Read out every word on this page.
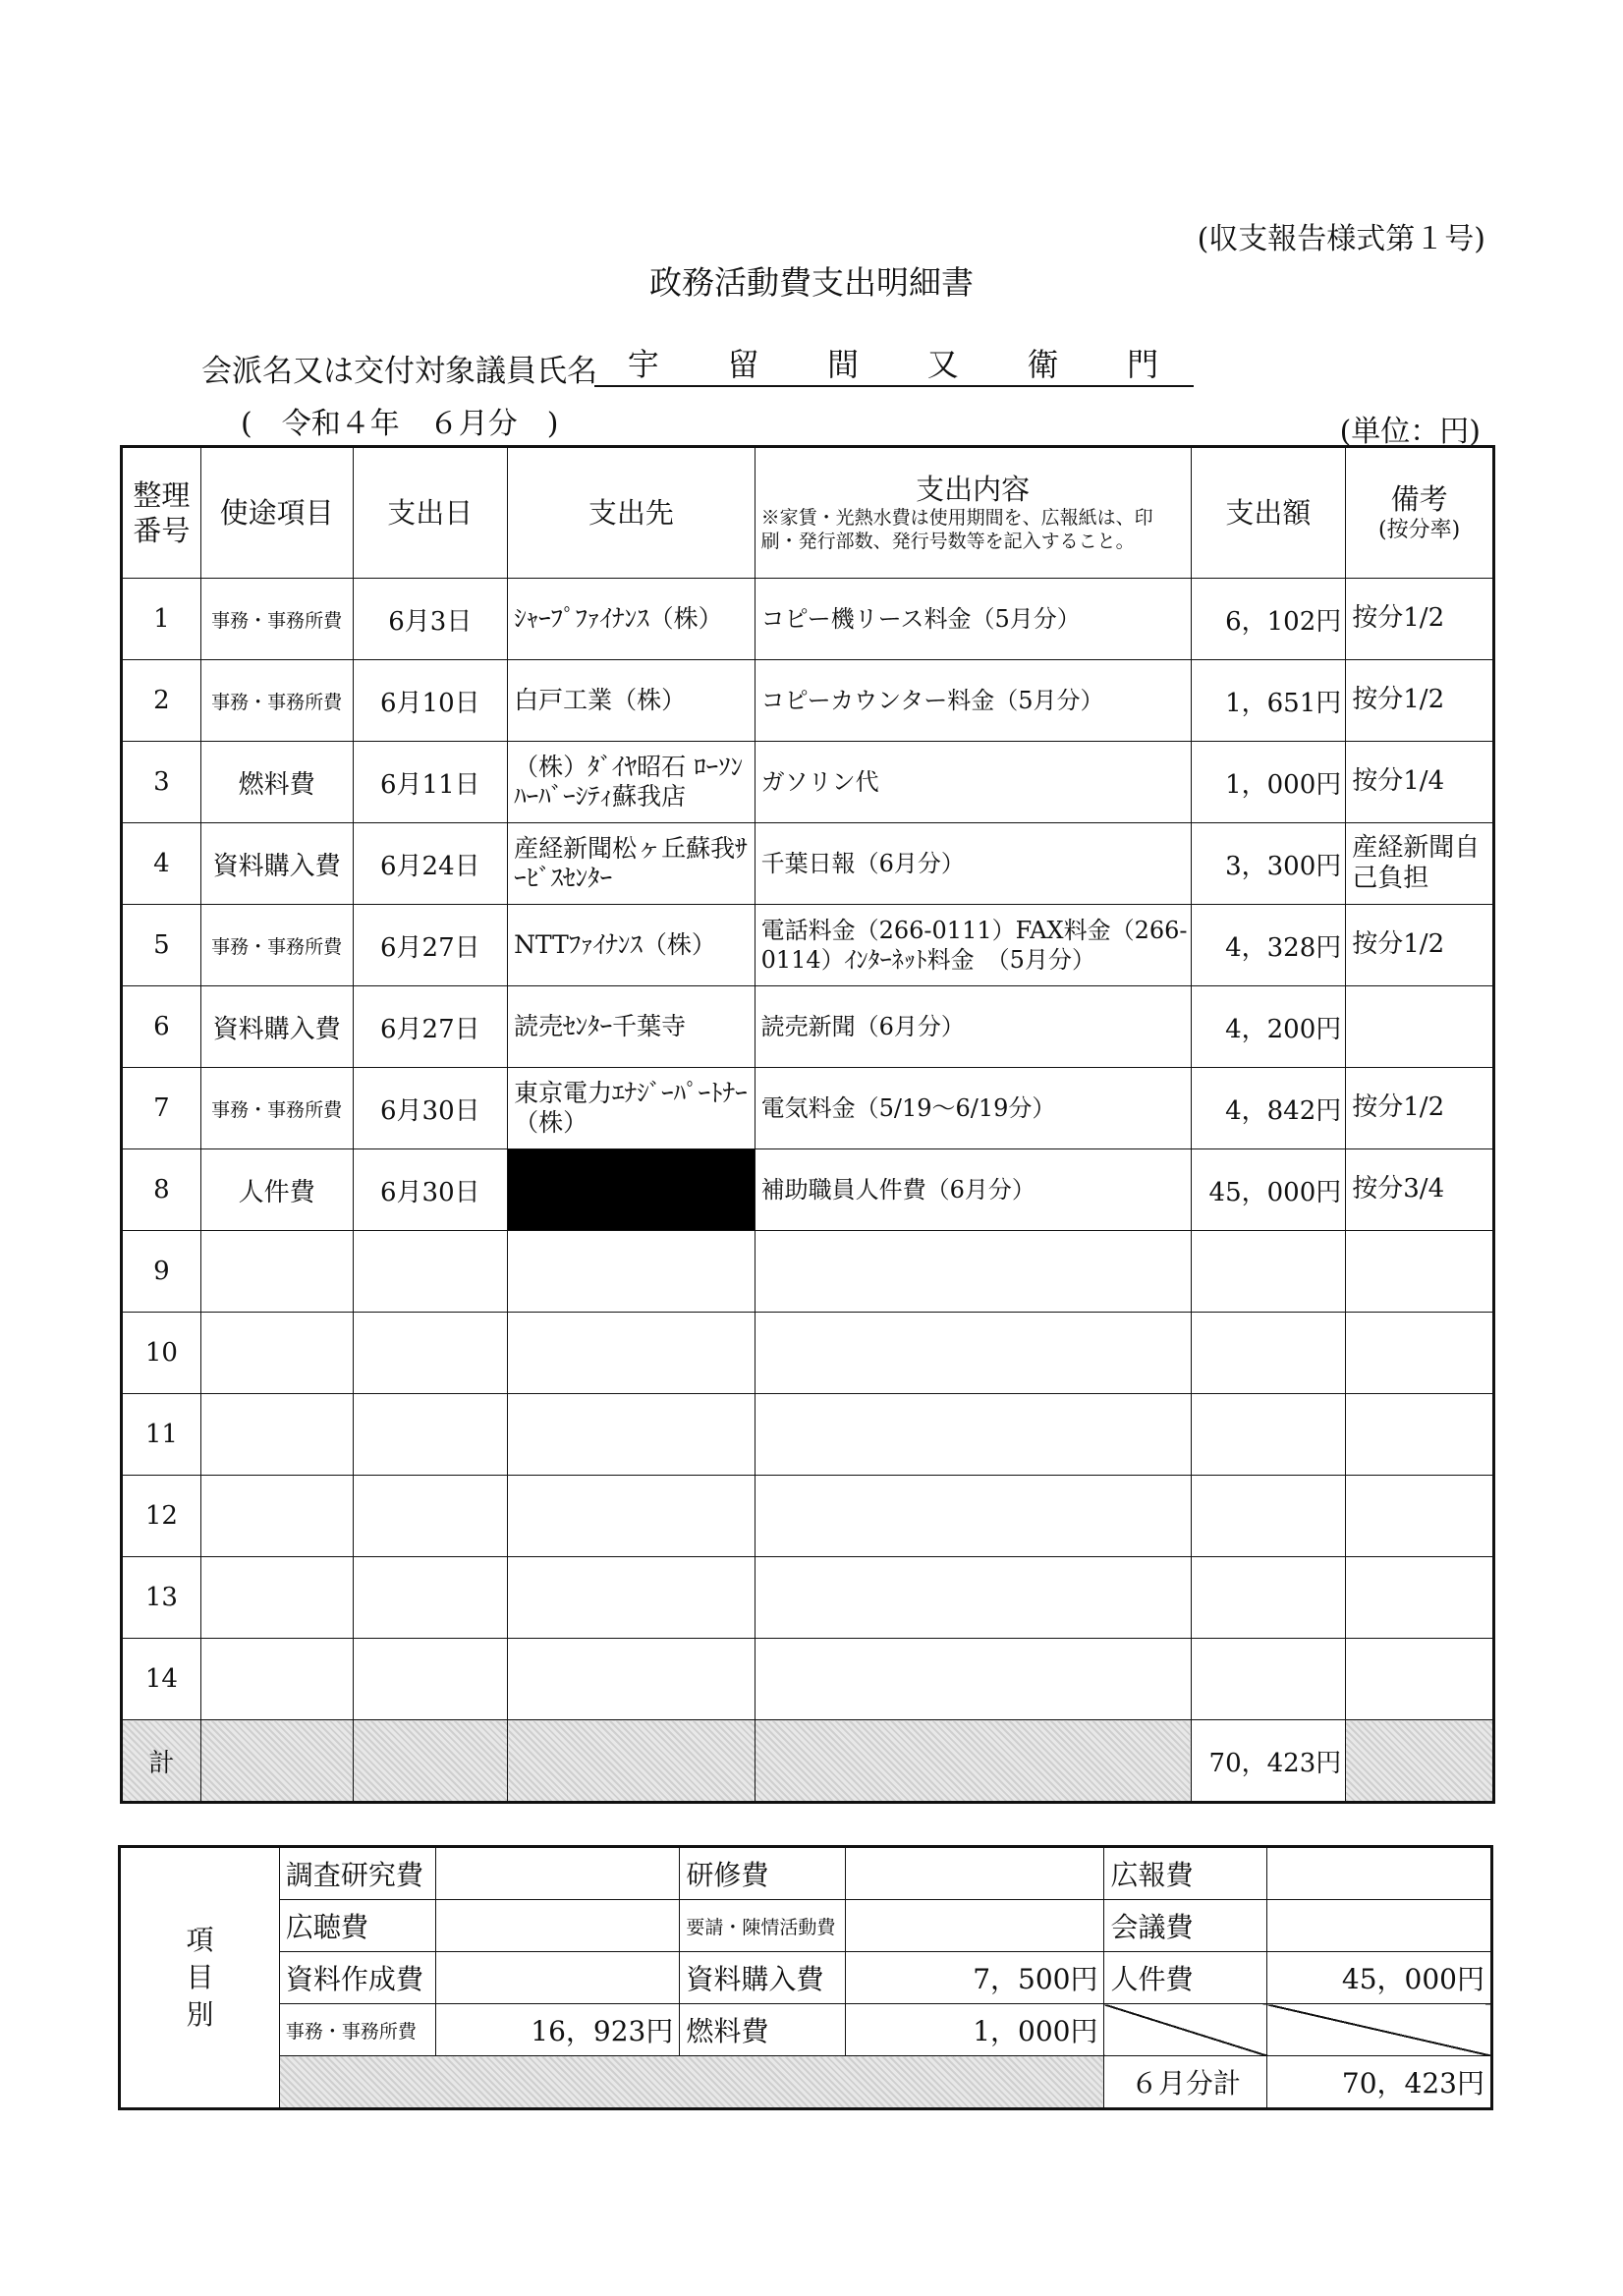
(収支報告様式第１号)
政務活動費支出明細書
会派名又は交付対象議員氏名 宇 留 間 又 衛 門
(　令和４年　６月分　)	(単位：円)
整理番号	使途項目	支出日	支出先	支出内容
※家賃・光熱水費は使用期間を、広報紙は、印刷・発行部数、発行号数等を記入すること。	支出額	備考
(按分率)

1	事務・事務所費	6月3日	ｼｬｰﾌﾟﾌｧｲﾅﾝｽ（株）	コピー機リース料金（5月分）	6，102円	按分1/2
2	事務・事務所費	6月10日	白戸工業（株）	コピーカウンター料金（5月分）	1，651円	按分1/2
3	燃料費	6月11日	（株）ﾀﾞｲﾔ昭石 ﾛｰｿﾝﾊｰﾊﾞｰｼﾃｨ蘇我店	ガソリン代	1，000円	按分1/4
4	資料購入費	6月24日	産経新聞松ヶ丘蘇我ｻｰﾋﾞｽｾﾝﾀｰ	千葉日報（6月分）	3，300円	産経新聞自己負担
5	事務・事務所費	6月27日	NTTﾌｧｲﾅﾝｽ（株）	電話料金（266-0111）FAX料金（266-0114）ｲﾝﾀｰﾈｯﾄ料金　（5月分）	4，328円	按分1/2
6	資料購入費	6月27日	読売ｾﾝﾀｰ千葉寺	読売新聞（6月分）	4，200円	
7	事務・事務所費	6月30日	東京電力ｴﾅｼﾞｰﾊﾟｰﾄﾅｰ（株）	電気料金（5/19～6/19分）	4，842円	按分1/2
8	人件費	6月30日		補助職員人件費（6月分）	45，000円	按分3/4
9						
10						
11						
12						
13						
14						
計					70，423円	
項目別	調査研究費		研修費		広報費	
	広聴費		要請・陳情活動費		会議費	
	資料作成費		資料購入費	7，500円	人件費	45，000円
	事務・事務所費	16，923円	燃料費	1，000円		
					６月分計	70，423円
